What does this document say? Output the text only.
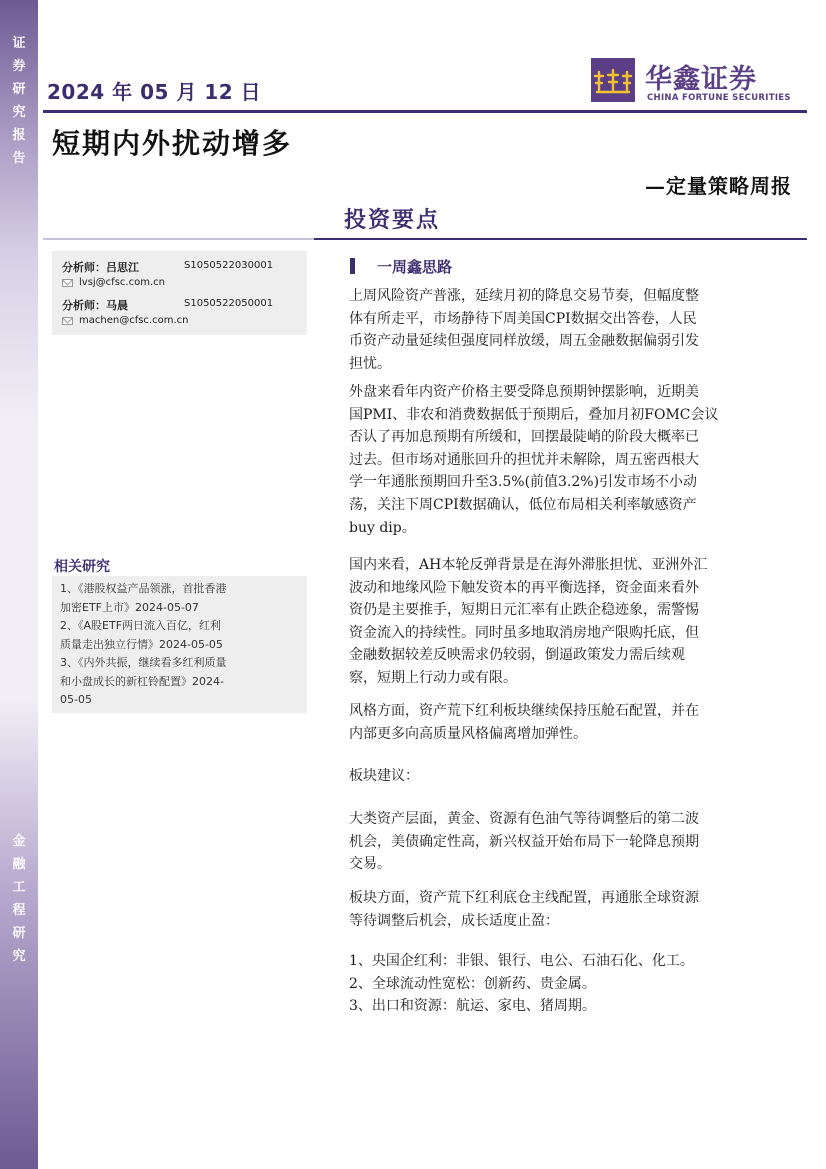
证
券
研
究
报
告
金
融
工
程
研
究
2024 年 05 月 12 日	华鑫证券
CHINA FORTUNE SECURITIES
短期内外扰动增多
—定量策略周报
投资要点
分析师：吕思江	S1050522030001
lvsj@cfsc.com.cn
分析师：马晨	S1050522050001
machen@cfsc.com.cn
相关研究
1、《港股权益产品领涨，首批香港
加密ETF上市》2024-05-07
2、《A股ETF两日流入百亿，红利
质量走出独立行情》2024-05-05
3、《内外共振，继续看多红利质量
和小盘成长的新杠铃配置》2024-
05-05
一周鑫思路
上周风险资产普涨，延续月初的降息交易节奏，但幅度整
体有所走平，市场静待下周美国CPI数据交出答卷，人民
币资产动量延续但强度同样放缓，周五金融数据偏弱引发
担忧。
外盘来看年内资产价格主要受降息预期钟摆影响，近期美
国PMI、非农和消费数据低于预期后，叠加月初FOMC会议
否认了再加息预期有所缓和，回摆最陡峭的阶段大概率已
过去。但市场对通胀回升的担忧并未解除，周五密西根大
学一年通胀预期回升至3.5%(前值3.2%)引发市场不小动
荡，关注下周CPI数据确认，低位布局相关利率敏感资产
buy dip。
国内来看，AH本轮反弹背景是在海外滞胀担忧、亚洲外汇
波动和地缘风险下触发资本的再平衡选择，资金面来看外
资仍是主要推手，短期日元汇率有止跌企稳迹象，需警惕
资金流入的持续性。同时虽多地取消房地产限购托底，但
金融数据较差反映需求仍较弱，倒逼政策发力需后续观
察，短期上行动力或有限。
风格方面，资产荒下红利板块继续保持压舱石配置，并在
内部更多向高质量风格偏离增加弹性。
板块建议：
大类资产层面，黄金、资源有色油气等待调整后的第二波
机会，美债确定性高，新兴权益开始布局下一轮降息预期
交易。
板块方面，资产荒下红利底仓主线配置，再通胀全球资源
等待调整后机会，成长适度止盈：
1、央国企红利：非银、银行、电公、石油石化、化工。
2、全球流动性宽松：创新药、贵金属。
3、出口和资源：航运、家电、猪周期。
